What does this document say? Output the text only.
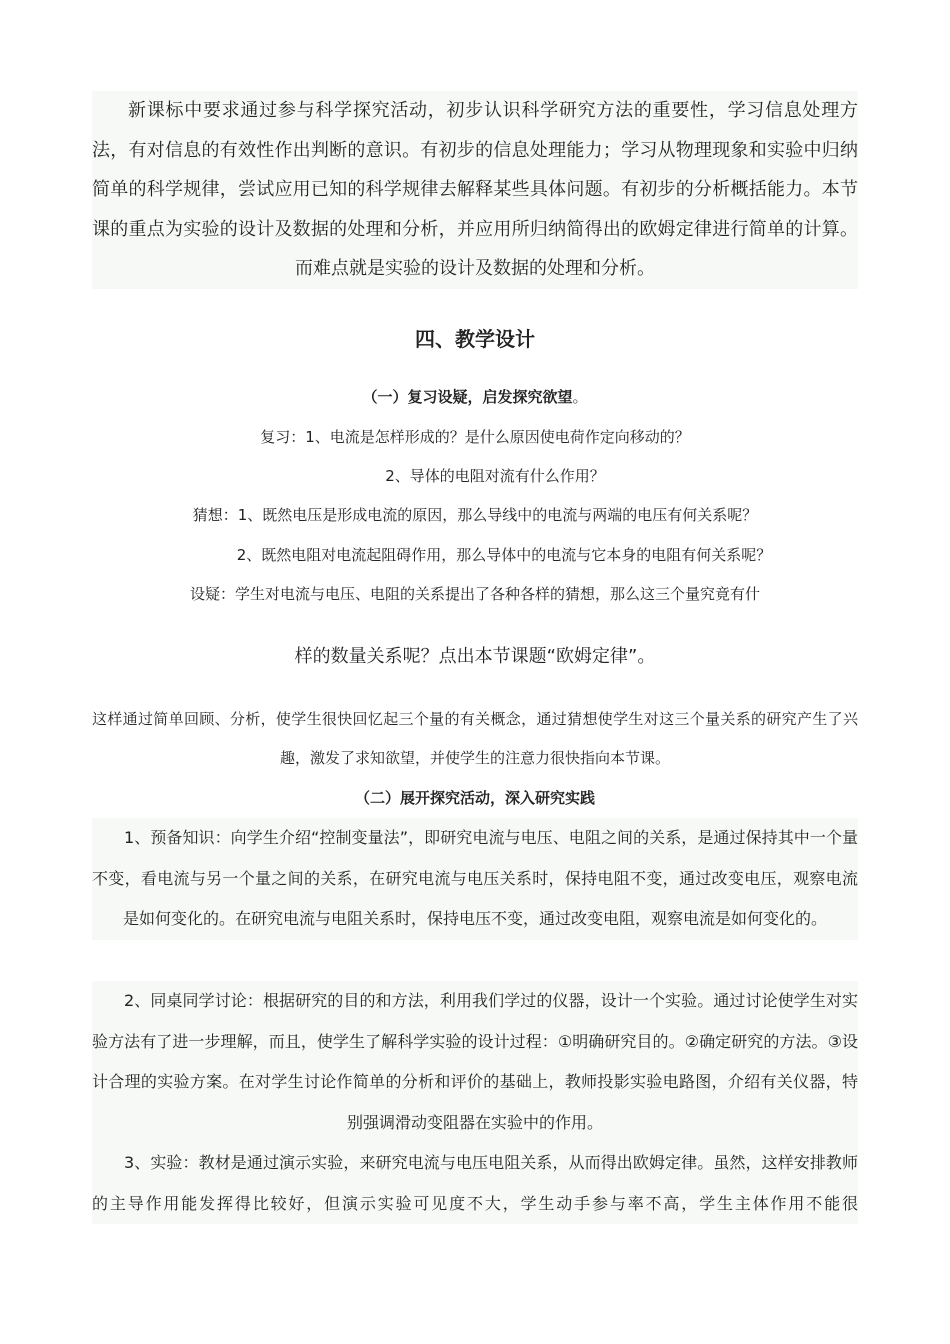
新课标中要求通过参与科学探究活动，初步认识科学研究方法的重要性，学习信息处理方法，有对信息的有效性作出判断的意识。有初步的信息处理能力；学习从物理现象和实验中归纳简单的科学规律，尝试应用已知的科学规律去解释某些具体问题。有初步的分析概括能力。本节课的重点为实验的设计及数据的处理和分析，并应用所归纳简得出的欧姆定律进行简单的计算。而难点就是实验的设计及数据的处理和分析。

四、教学设计
（一）复习设疑，启发探究欲望。
复习：1、电流是怎样形成的？是什么原因使电荷作定向移动的？
2、导体的电阻对流有什么作用？
猜想：1、既然电压是形成电流的原因，那么导线中的电流与两端的电压有何关系呢？
2、既然电阻对电流起阻碍作用，那么导体中的电流与它本身的电阻有何关系呢？
设疑：学生对电流与电压、电阻的关系提出了各种各样的猜想，那么这三个量究竟有什
样的数量关系呢？点出本节课题“欧姆定律”。

这样通过简单回顾、分析，使学生很快回忆起三个量的有关概念，通过猜想使学生对这三个量关系的研究产生了兴趣，激发了求知欲望，并使学生的注意力很快指向本节课。

（二）展开探究活动，深入研究实践

1、预备知识：向学生介绍“控制变量法”，即研究电流与电压、电阻之间的关系，是通过保持其中一个量不变，看电流与另一个量之间的关系，在研究电流与电压关系时，保持电阻不变，通过改变电压，观察电流是如何变化的。在研究电流与电阻关系时，保持电压不变，通过改变电阻，观察电流是如何变化的。

2、同桌同学讨论：根据研究的目的和方法，利用我们学过的仪器，设计一个实验。通过讨论使学生对实验方法有了进一步理解，而且，使学生了解科学实验的设计过程：①明确研究目的。②确定研究的方法。③设计合理的实验方案。在对学生讨论作简单的分析和评价的基础上，教师投影实验电路图，介绍有关仪器，特别强调滑动变阻器在实验中的作用。

3、实验：教材是通过演示实验，来研究电流与电压电阻关系，从而得出欧姆定律。虽然，这样安排教师的主导作用能发挥得比较好，但演示实验可见度不大，学生动手参与率不高，学生主体作用不能很
